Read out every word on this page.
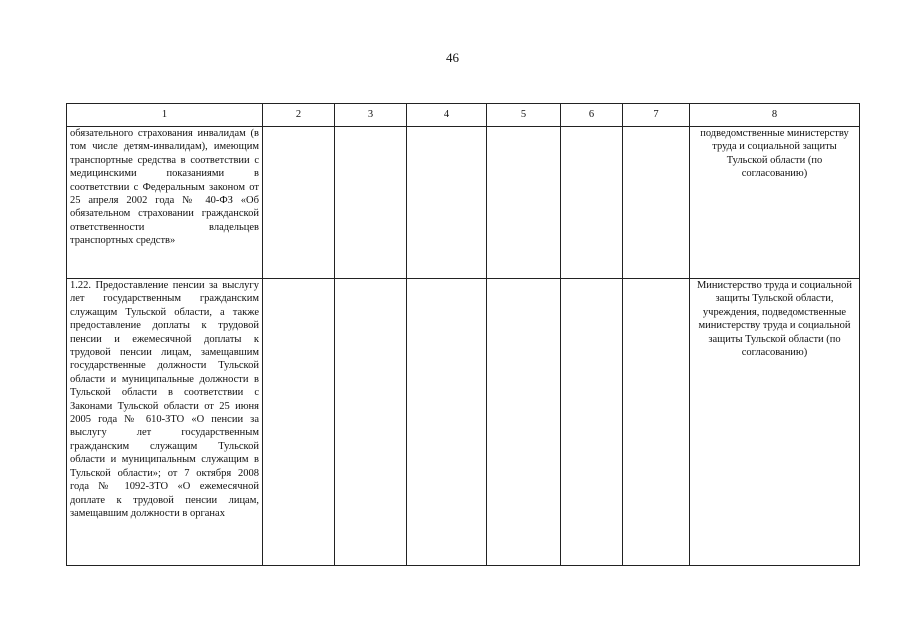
46
1	2	3	4	5	6	7	8
обязательного страхования инвалидам (в том числе детям-инвалидам), имеющим транспортные средства в соответствии с медицинскими показаниями в соответствии с Федеральным законом от 25 апреля 2002 года № 40-ФЗ «Об обязательном страховании гражданской ответственности владельцев транспортных средств»							подведомственные министерству труда и социальной защиты Тульской области (по согласованию)
1.22. Предоставление пенсии за выслугу лет государственным гражданским служащим Тульской области, а также предоставление доплаты к трудовой пенсии и ежемесячной доплаты к трудовой пенсии лицам, замещавшим государственные должности Тульской области и муниципальные должности в Тульской области в соответствии с Законами Тульской области от 25 июня 2005 года № 610-ЗТО «О пенсии за выслугу лет государственным гражданским служащим Тульской области и муниципальным служащим в Тульской области»; от 7 октября 2008 года № 1092-ЗТО «О ежемесячной доплате к трудовой пенсии лицам, замещавшим должности в органах							Министерство труда и социальной защиты Тульской области, учреждения, подведомственные министерству труда и социальной защиты Тульской области (по согласованию)
